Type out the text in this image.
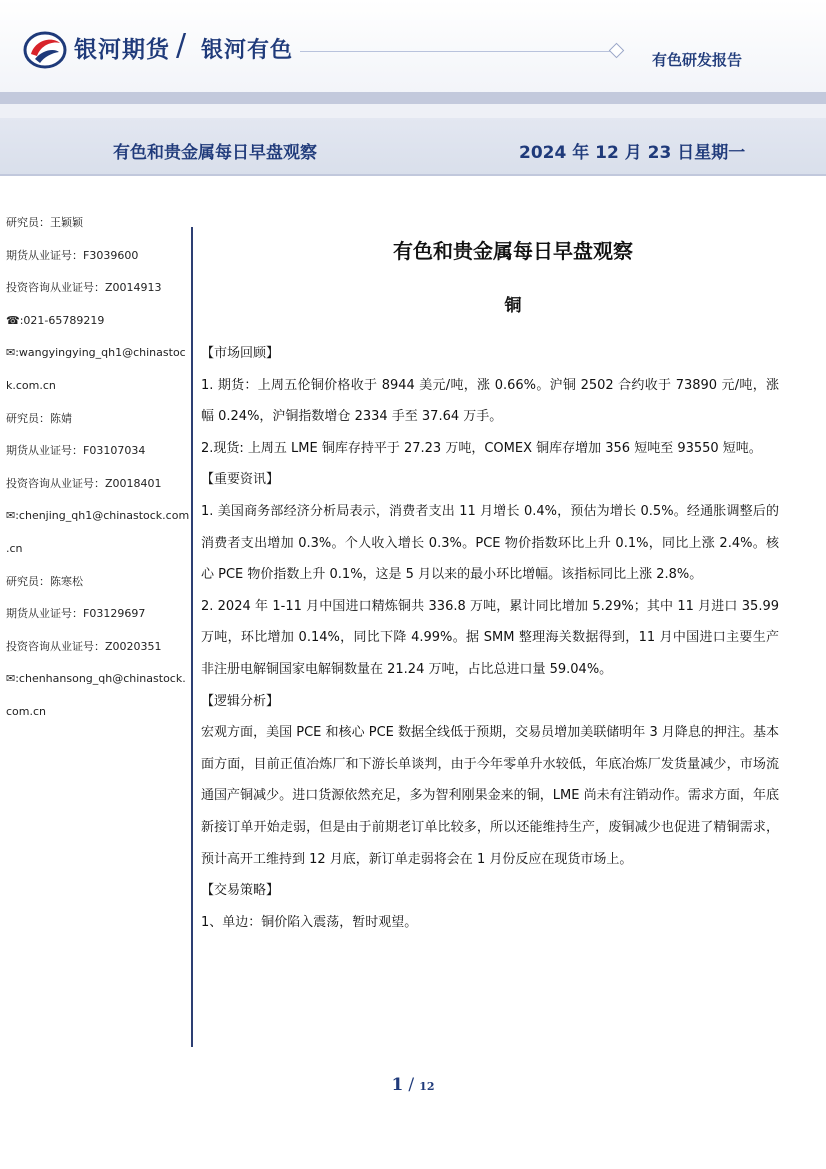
银河期货 / 银河有色	有色研发报告
有色和贵金属每日早盘观察	2024 年 12 月 23 日星期一
研究员：王颖颖
期货从业证号：F3039600
投资咨询从业证号：Z0014913
☎:021-65789219
✉:wangyingying_qh1@chinastoc
k.com.cn
研究员：陈婧
期货从业证号：F03107034
投资咨询从业证号：Z0018401
✉:chenjing_qh1@chinastock.com
.cn
研究员：陈寒松
期货从业证号：F03129697
投资咨询从业证号：Z0020351
✉:chenhansong_qh@chinastock.
com.cn
有色和贵金属每日早盘观察
铜

【市场回顾】

1. 期货：上周五伦铜价格收于 8944 美元/吨，涨 0.66%。沪铜 2502 合约收于 73890 元/吨，涨幅 0.24%，沪铜指数增仓 2334 手至 37.64 万手。

2.现货: 上周五 LME 铜库存持平于 27.23 万吨，COMEX 铜库存增加 356 短吨至 93550 短吨。

【重要资讯】

1. 美国商务部经济分析局表示，消费者支出 11 月增长 0.4%，预估为增长 0.5%。经通胀调整后的消费者支出增加 0.3%。个人收入增长 0.3%。PCE 物价指数环比上升 0.1%，同比上涨 2.4%。核心 PCE 物价指数上升 0.1%，这是 5 月以来的最小环比增幅。该指标同比上涨 2.8%。

2. 2024 年 1-11 月中国进口精炼铜共 336.8 万吨，累计同比增加 5.29%；其中 11 月进口 35.99 万吨，环比增加 0.14%，同比下降 4.99%。据 SMM 整理海关数据得到，11 月中国进口主要生产非注册电解铜国家电解铜数量在 21.24 万吨，占比总进口量 59.04%。

【逻辑分析】

宏观方面，美国 PCE 和核心 PCE 数据全线低于预期，交易员增加美联储明年 3 月降息的押注。基本面方面，目前正值冶炼厂和下游长单谈判，由于今年零单升水较低，年底冶炼厂发货量减少，市场流通国产铜减少。进口货源依然充足，多为智利刚果金来的铜，LME 尚未有注销动作。需求方面，年底新接订单开始走弱，但是由于前期老订单比较多，所以还能维持生产，废铜减少也促进了精铜需求，预计高开工维持到 12 月底，新订单走弱将会在 1 月份反应在现货市场上。

【交易策略】

1、单边：铜价陷入震荡，暂时观望。

1 / 12
